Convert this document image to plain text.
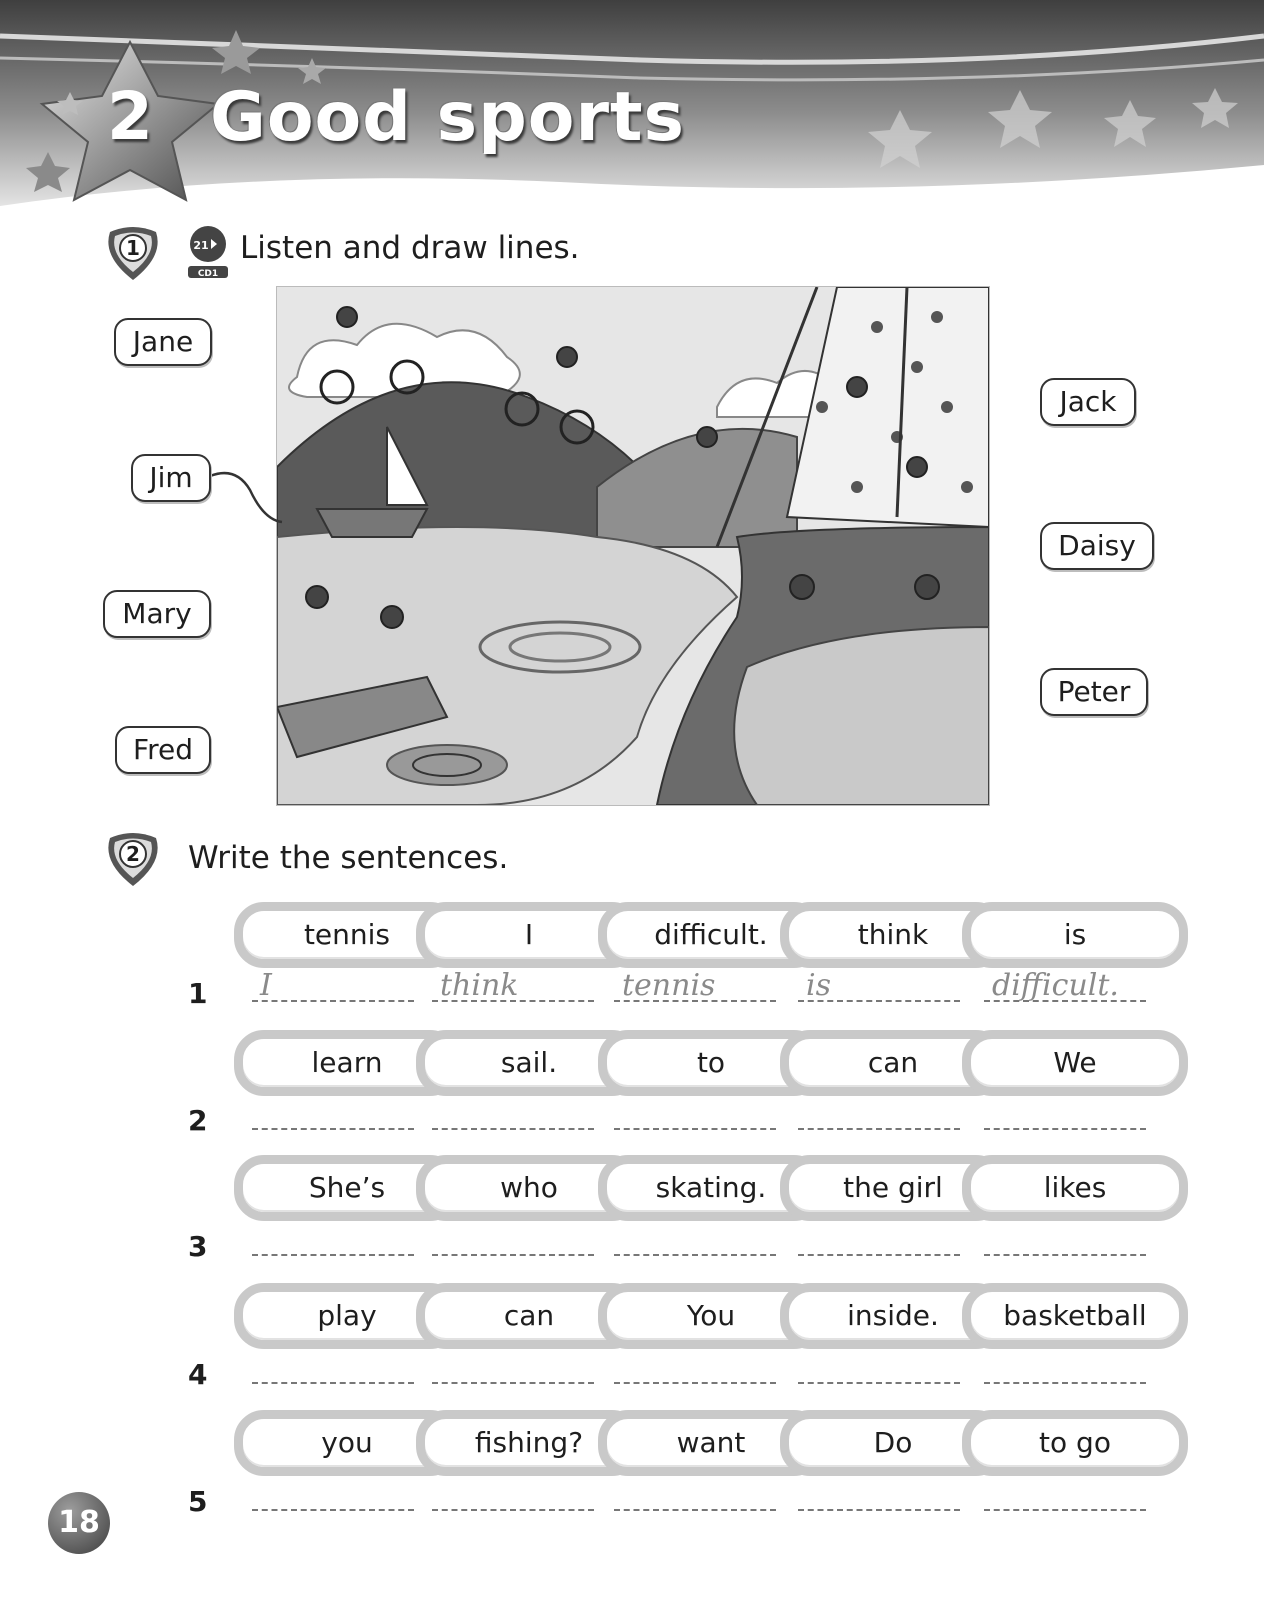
2 Good sports
1	21
CD1
Listen and draw lines.
Jane
Jim
Mary
Fred
Jack
Daisy
Peter
2 Write the sentences.
tennis	I	difficult.	think	is
1 I	think	tennis	is	difficult.
learn	sail.	to	can	We
2
She’s	who	skating.	the girl	likes
3
play	can	You	inside.	basketball
4
you	fishing?	want	Do	to go
5
18
